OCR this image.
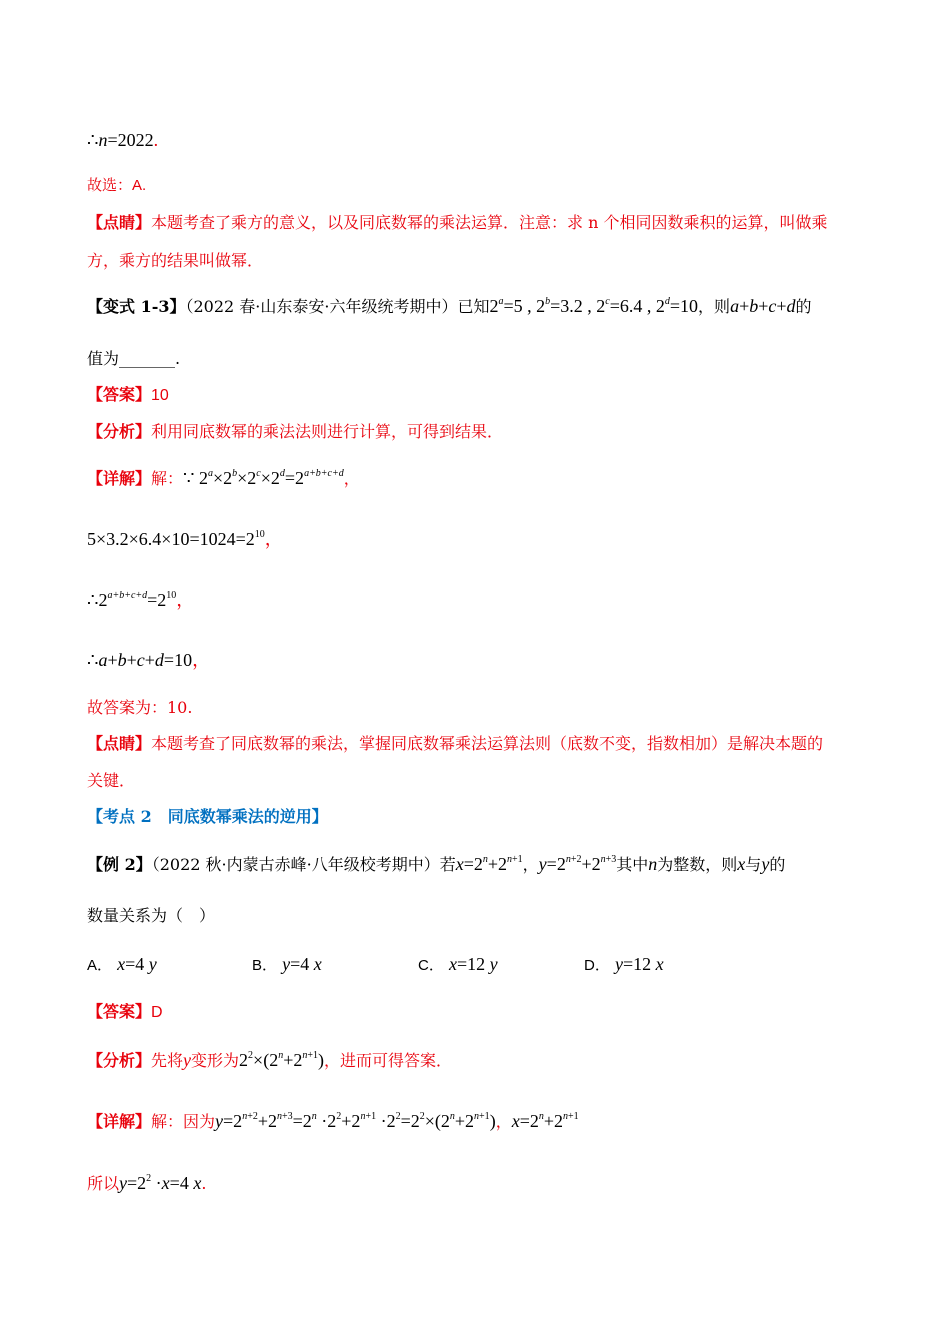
∴n=2022.
故选：A.
【点睛】本题考查了乘方的意义，以及同底数幂的乘法运算．注意：求 n 个相同因数乘积的运算，叫做乘
方，乘方的结果叫做幂．
【变式 1-3】（2022 春·山东泰安·六年级统考期中）已知$2^a=5$ , $2^b=3.2$ , $2^c=6.4$ , $2^d=10$，则a+b+c+d的
值为_______.
【答案】10
【分析】利用同底数幂的乘法法则进行计算，可得到结果．
【详解】解：∵ $2^a\times 2^b\times 2^c\times 2^d=2^{a+b+c+d}$，
$5\times 3.2\times 6.4\times 10=1024=2^{10}$，
$\therefore 2^{a+b+c+d}=2^{10}$，
∴a+b+c+d=10，
故答案为：10.
【点睛】本题考查了同底数幂的乘法，掌握同底数幂乘法运算法则（底数不变，指数相加）是解决本题的
关键．
【考点 2　同底数幂乘法的逆用】
【例 2】（2022 秋·内蒙古赤峰·八年级校考期中）若$x=2^n+2^{n+1}$，$y=2^{n+2}+2^{n+3}$其中n为整数，则x与y的
数量关系为（　）
A． x=4 y	B． y=4 x	C． x=12 y	D． y=12 x
【答案】D
【分析】先将y变形为$2^2\times(2^n+2^{n+1})$，进而可得答案．
【详解】解：因为$y=2^{n+2}+2^{n+3}=2^n \cdot 2^2+2^{n+1} \cdot 2^2=2^2\times(2^n+2^{n+1})$，$x=2^n+2^{n+1}$
所以$y=2^2 \cdot x=4$ x.
